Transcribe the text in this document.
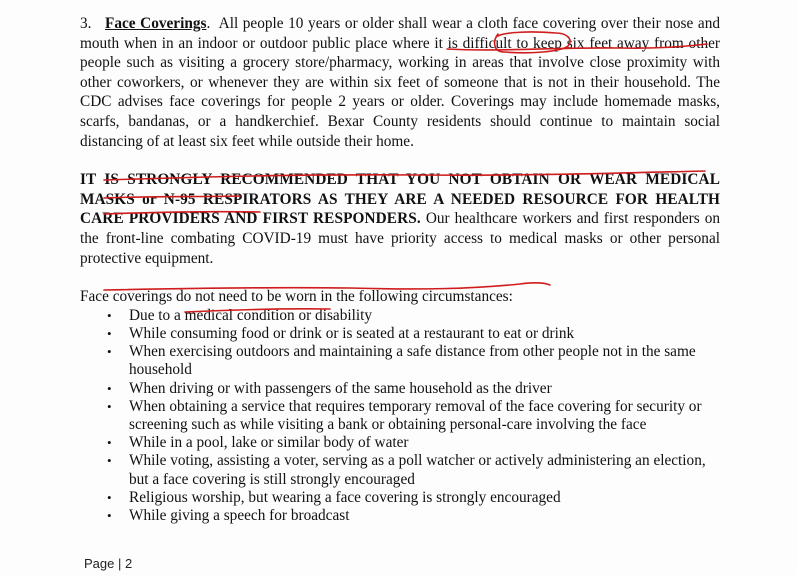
3. Face Coverings. All people 10 years or older shall wear a cloth face covering over their nose and mouth when in an indoor or outdoor public place where it is difficult to keep six feet away from other people such as visiting a grocery store/pharmacy, working in areas that involve close proximity with other coworkers, or whenever they are within six feet of someone that is not in their household. The CDC advises face coverings for people 2 years or older. Coverings may include homemade masks, scarfs, bandanas, or a handkerchief. Bexar County residents should continue to maintain social distancing of at least six feet while outside their home.

IT IS STRONGLY RECOMMENDED THAT YOU NOT OBTAIN OR WEAR MEDICAL MASKS or N-95 RESPIRATORS AS THEY ARE A NEEDED RESOURCE FOR HEALTH CARE PROVIDERS AND FIRST RESPONDERS. Our healthcare workers and first responders on the front-line combating COVID-19 must have priority access to medical masks or other personal protective equipment.

Face coverings do not need to be worn in the following circumstances:

• Due to a medical condition or disability
• While consuming food or drink or is seated at a restaurant to eat or drink
• When exercising outdoors and maintaining a safe distance from other people not in the same household
• When driving or with passengers of the same household as the driver
• When obtaining a service that requires temporary removal of the face covering for security or screening such as while visiting a bank or obtaining personal-care involving the face
• While in a pool, lake or similar body of water
• While voting, assisting a voter, serving as a poll watcher or actively administering an election, but a face covering is still strongly encouraged
• Religious worship, but wearing a face covering is strongly encouraged
• While giving a speech for broadcast
Page | 2
